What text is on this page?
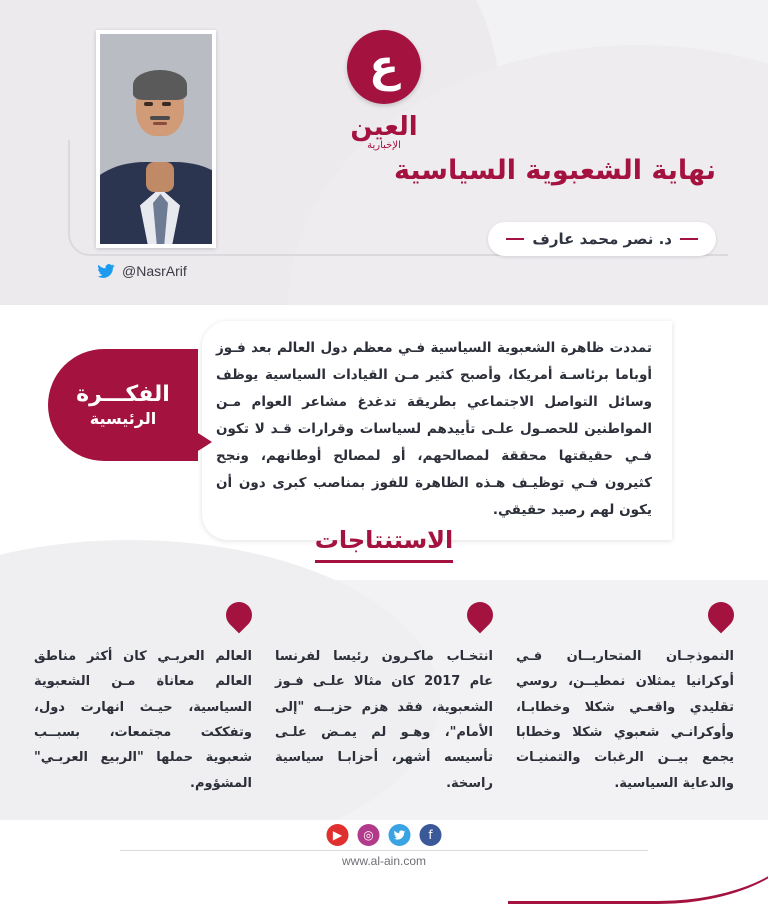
@NasrArif
ع
العين
الإخبارية
نهاية الشعبوية السياسية
د. نصر محمد عارف

تمددت ظاهرة الشعبوية السياسية فـي معظم دول العالم بعد فـوز أوباما برئاسـة أمريكا، وأصبح كثير مـن القيادات السياسية يوظف وسائل التواصل الاجتماعي بطريقة تدغدغ مشاعر العوام مـن المواطنين للحصـول علـى تأييدهم لسياسات وقرارات قـد لا تكون فـي حقيقتها محققة لمصالحهم، أو لمصالح أوطانهم، ونجح كثيرون فـي توظيـف هـذه الظاهرة للفوز بمناصب كبرى دون أن يكون لهم رصيد حقيقي.

الفكـــرة
الرئيسية
الاستنتاجات

النموذجـان المتحاربــان فـي أوكرانيا يمثلان نمطيــن، روسي تقليدي واقعـي شكلا وخطابـا، وأوكرانـي شعبوي شكلا وخطابا يجمع بيــن الرغبات والتمنيـات والدعاية السياسية.

انتخـاب ماكـرون رئيسا لفرنسا عام 2017 كان مثالا علـى فـوز الشعبوية، فقد هزم حزبــه "إلى الأمام"، وهـو لم يمـض علـى تأسيسه أشهر، أحزابـا سياسية راسخة.

العالم العربـي كان أكثر مناطق العالم معاناة مـن الشعبوية السياسية، حيـث انهارت دول، وتفككت مجتمعات، بسبــب شعبوية حملها "الربيع العربـي" المشؤوم.

▶	◎	f
www.al-ain.com
